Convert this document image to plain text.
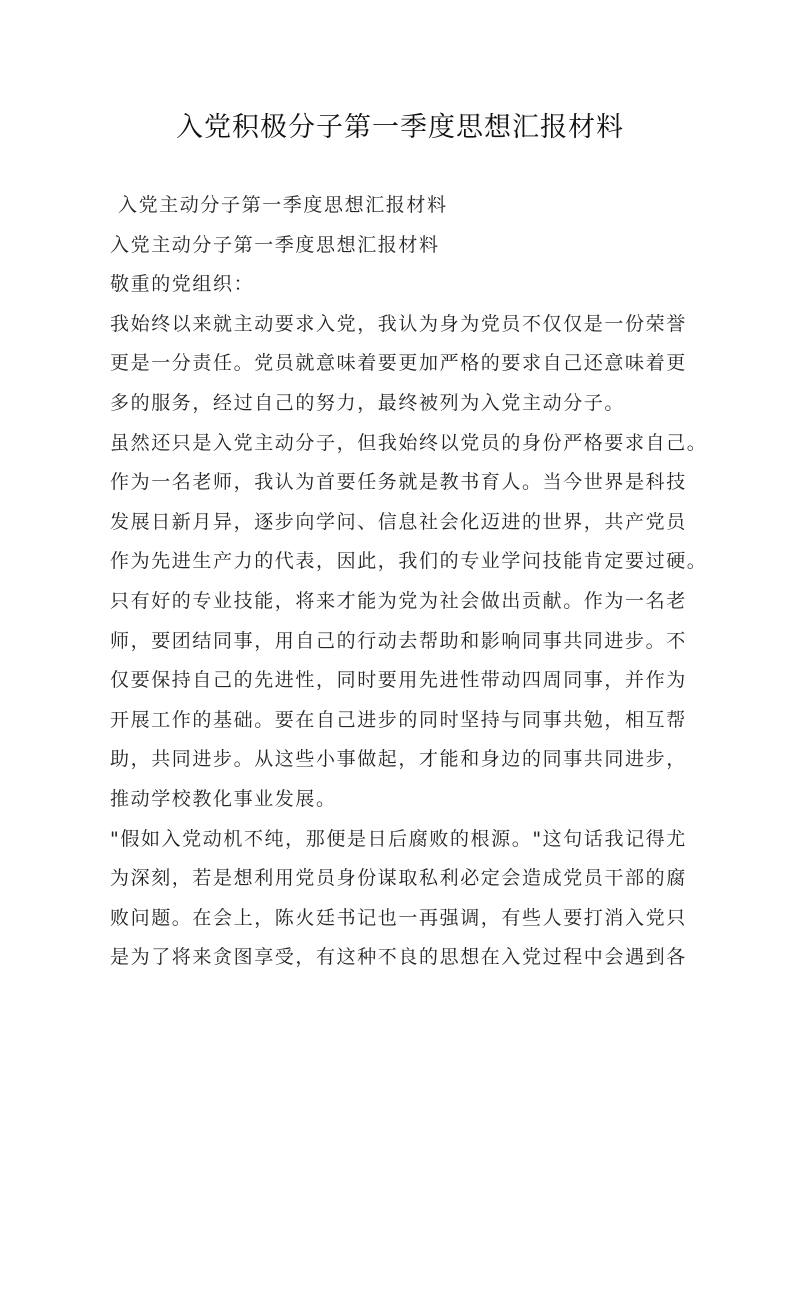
入党积极分子第一季度思想汇报材料
入党主动分子第一季度思想汇报材料
入党主动分子第一季度思想汇报材料
敬重的党组织：
我始终以来就主动要求入党，我认为身为党员不仅仅是一份荣誉
更是一分责任。党员就意味着要更加严格的要求自己还意味着更
多的服务，经过自己的努力，最终被列为入党主动分子。
虽然还只是入党主动分子，但我始终以党员的身份严格要求自己。
作为一名老师，我认为首要任务就是教书育人。当今世界是科技
发展日新月异，逐步向学问、信息社会化迈进的世界，共产党员
作为先进生产力的代表，因此，我们的专业学问技能肯定要过硬。
只有好的专业技能，将来才能为党为社会做出贡献。作为一名老
师，要团结同事，用自己的行动去帮助和影响同事共同进步。不
仅要保持自己的先进性，同时要用先进性带动四周同事，并作为
开展工作的基础。要在自己进步的同时坚持与同事共勉，相互帮
助，共同进步。从这些小事做起，才能和身边的同事共同进步，
推动学校教化事业发展。
"假如入党动机不纯，那便是日后腐败的根源。"这句话我记得尤
为深刻，若是想利用党员身份谋取私利必定会造成党员干部的腐
败问题。在会上，陈火廷书记也一再强调，有些人要打消入党只
是为了将来贪图享受，有这种不良的思想在入党过程中会遇到各
